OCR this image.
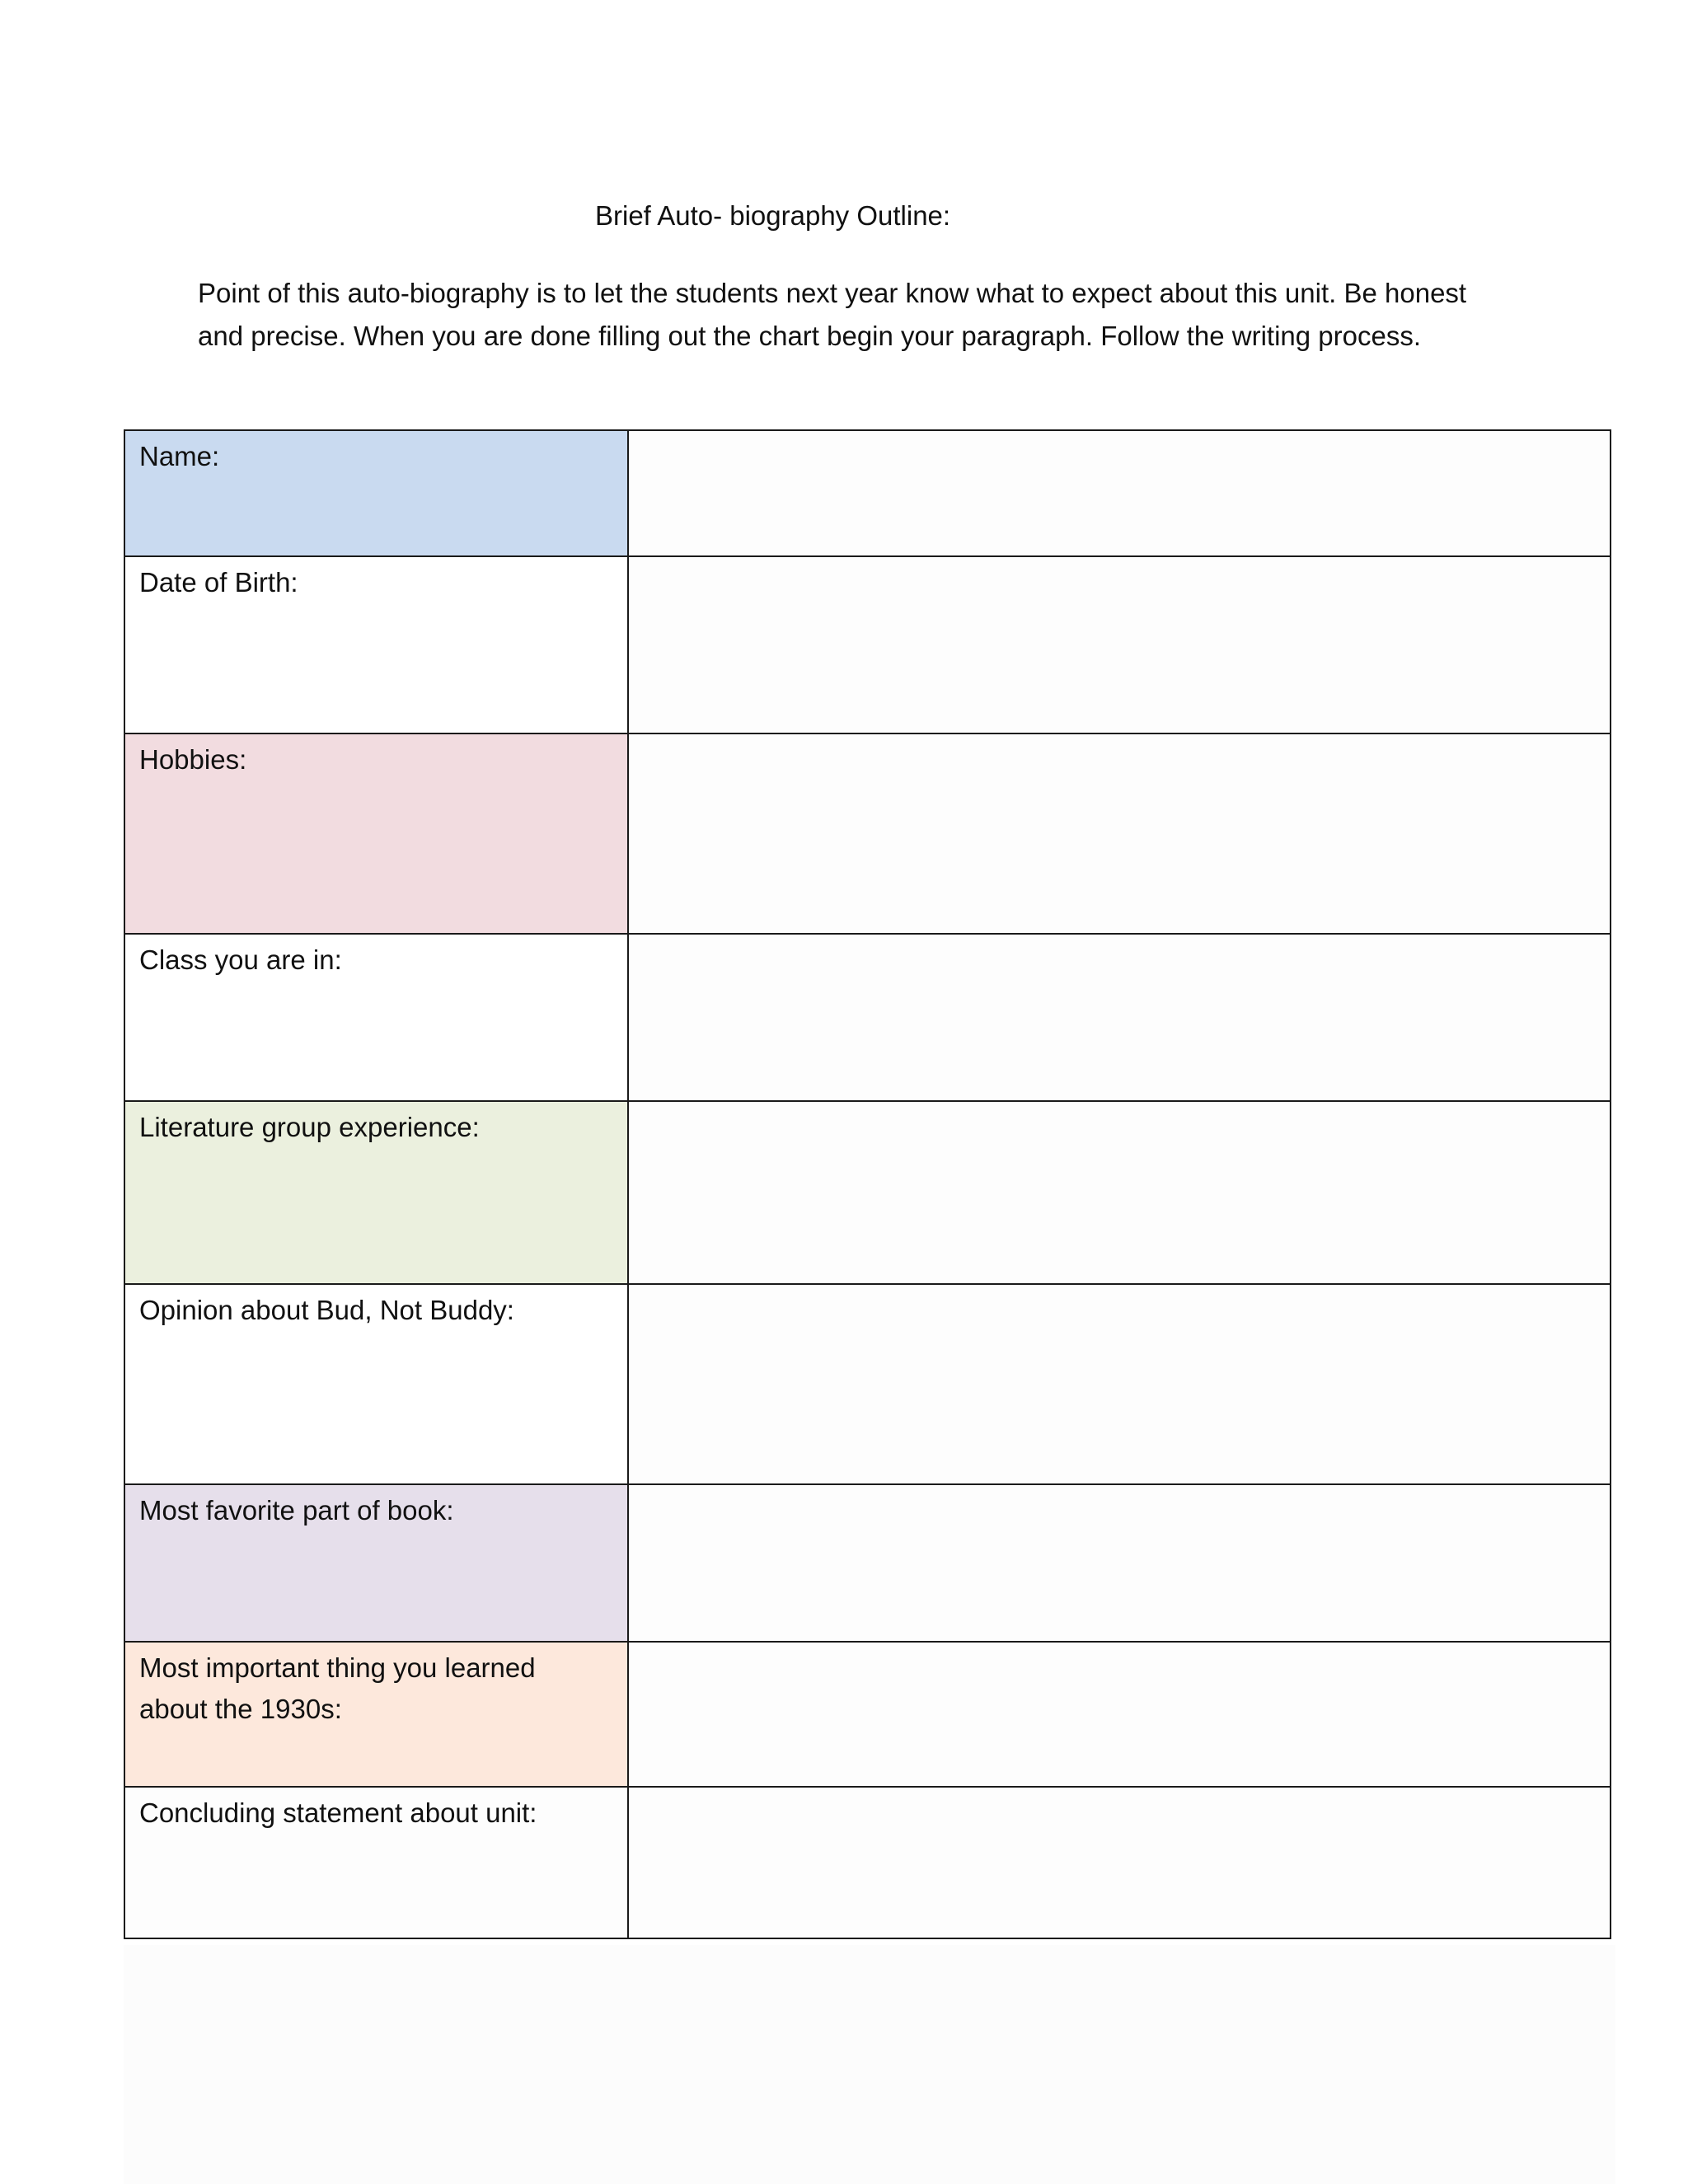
Brief Auto- biography Outline:

Point of this auto-biography is to let the students next year know what to expect about this unit. Be honest and precise. When you are done filling out the chart begin your paragraph. Follow the writing process.

Name:	

Date of Birth:	

Hobbies:	

Class you are in:	

Literature group experience:	

Opinion about Bud, Not Buddy:	

Most favorite part of book:	

Most important thing you learned about the 1930s:	

Concluding statement about unit:	
